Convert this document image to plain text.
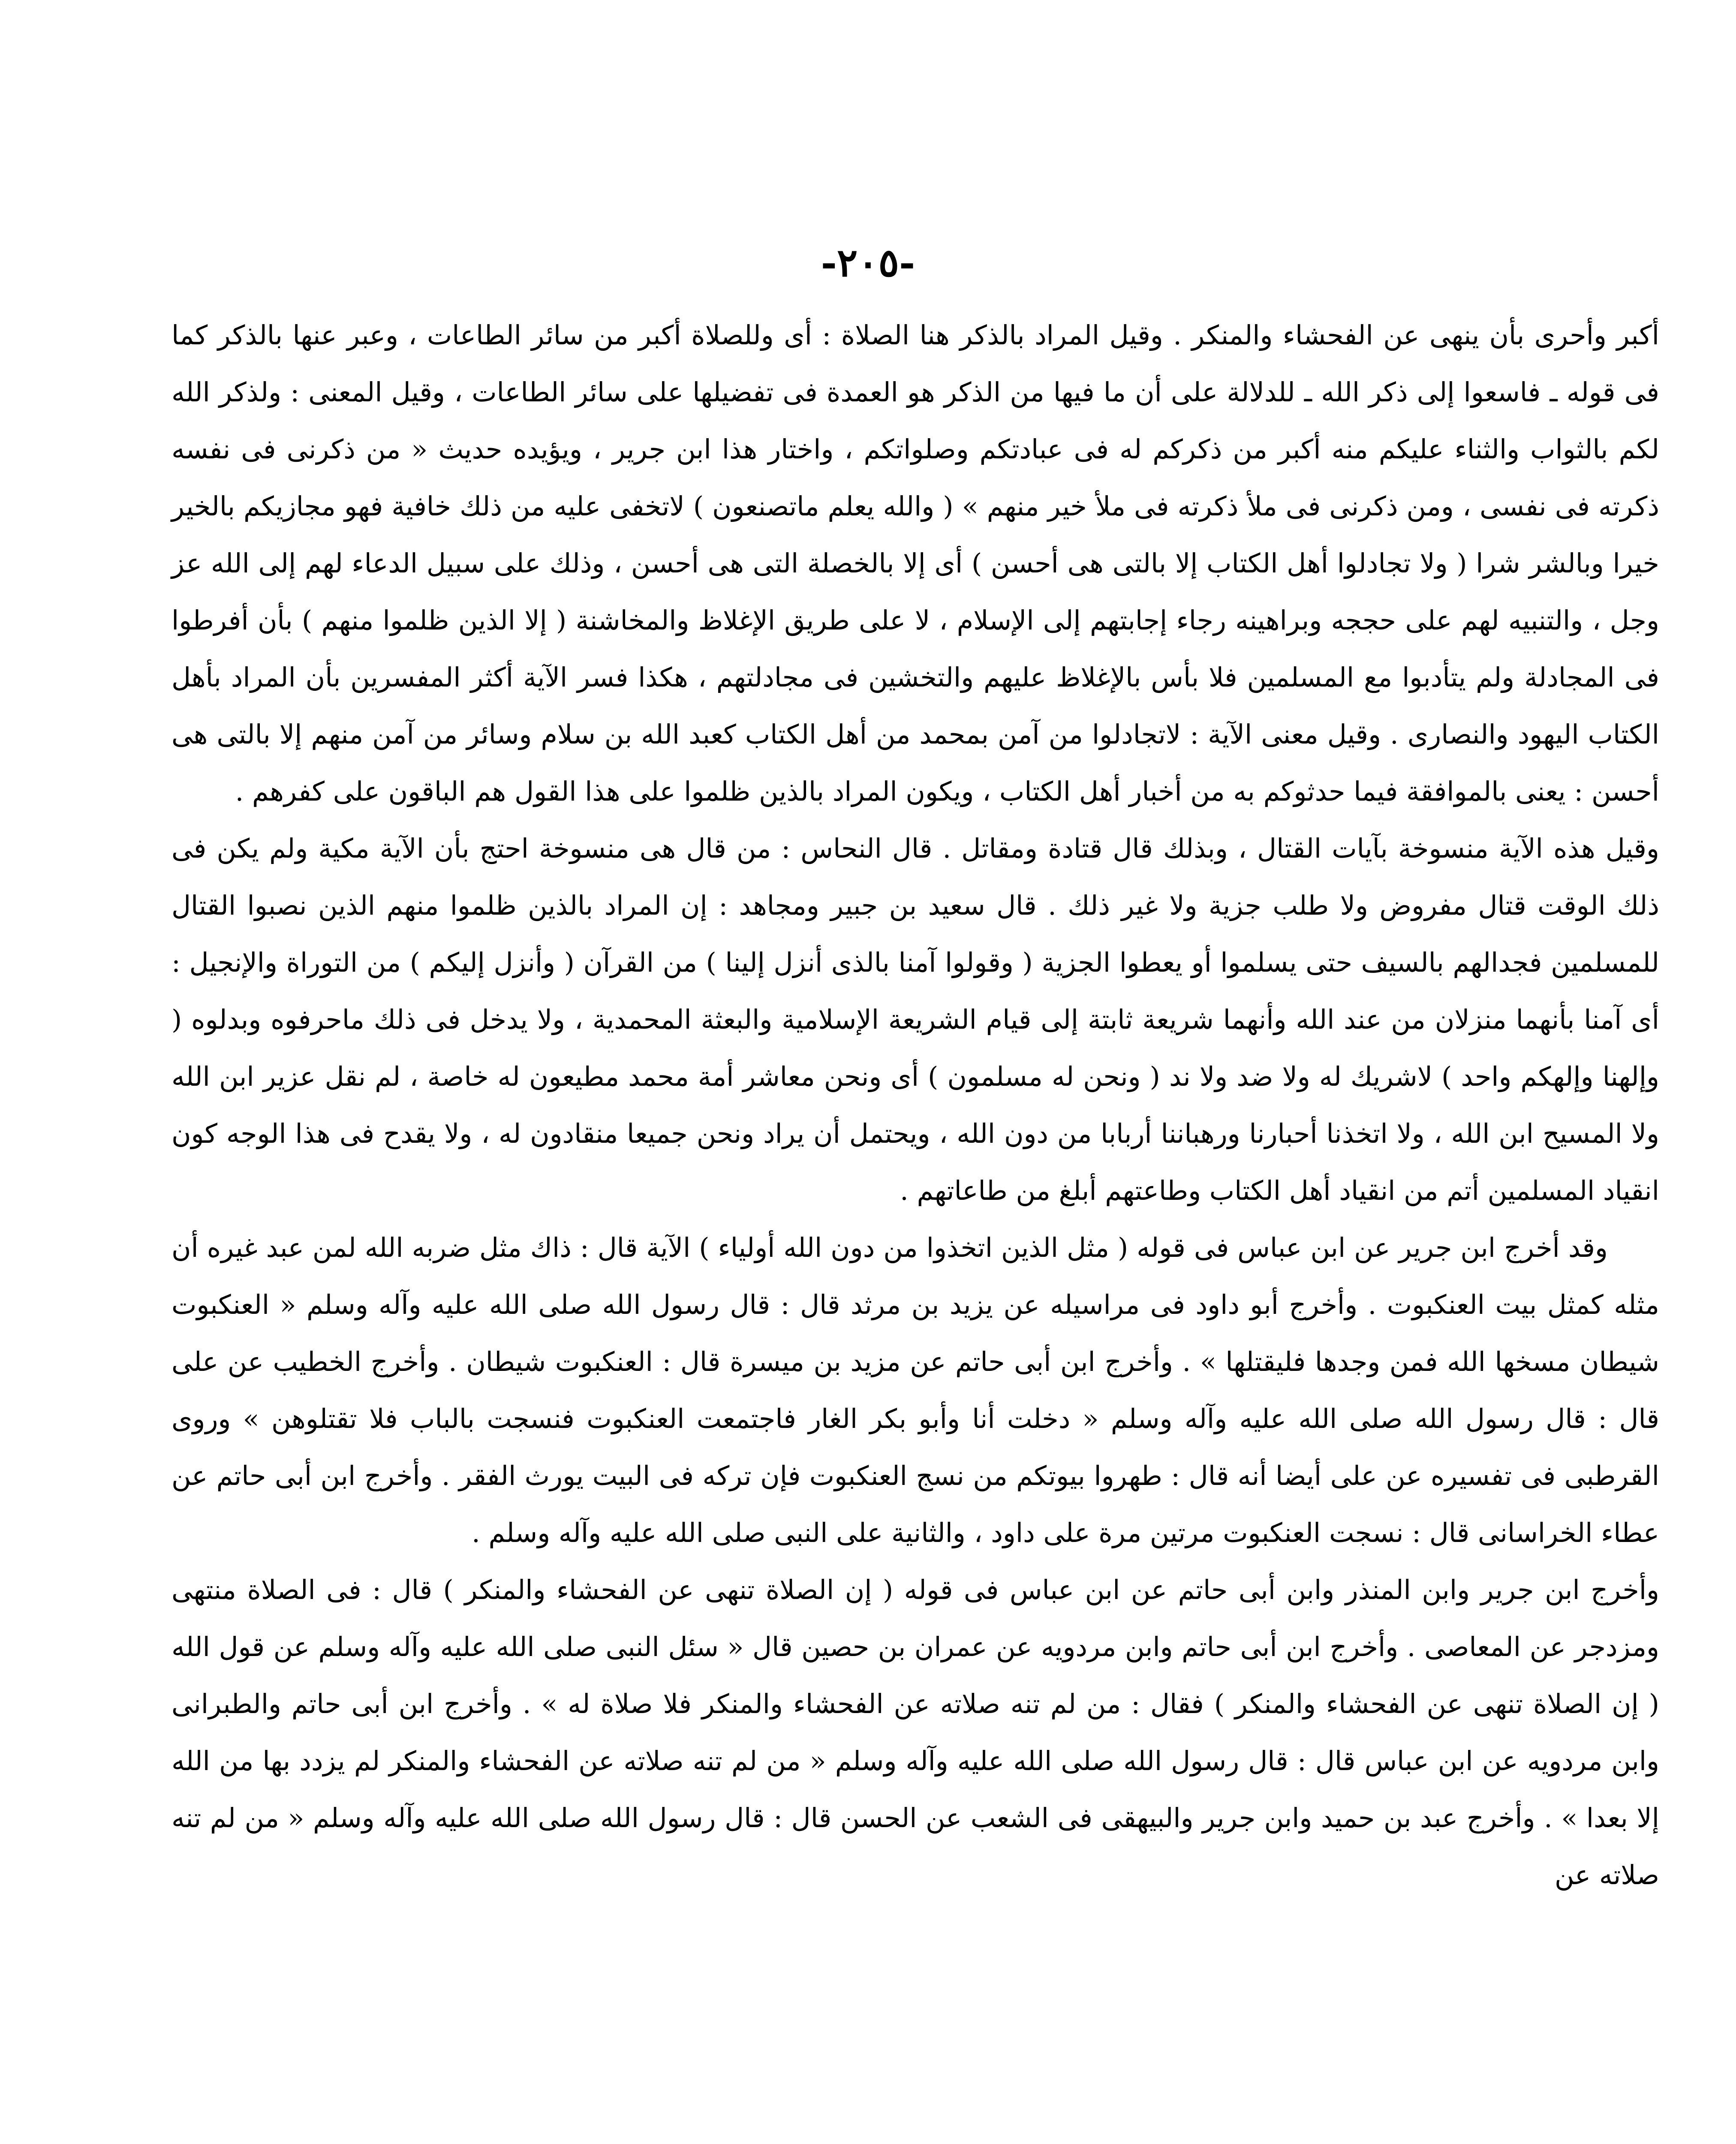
-٢٠٥-

أكبر وأحرى بأن ينهى عن الفحشاء والمنكر . وقيل المراد بالذكر هنا الصلاة : أى وللصلاة أكبر من سائر الطاعات ، وعبر عنها بالذكر كما فى قوله ـ فاسعوا إلى ذكر الله ـ للدلالة على أن ما فيها من الذكر هو العمدة فى تفضيلها على سائر الطاعات ، وقيل المعنى : ولذكر الله لكم بالثواب والثناء عليكم منه أكبر من ذكركم له فى عبادتكم وصلواتكم ، واختار هذا ابن جرير ، ويؤيده حديث « من ذكرنى فى نفسه ذكرته فى نفسى ، ومن ذكرنى فى ملأ ذكرته فى ملأ خير منهم » ( والله يعلم ماتصنعون ) لاتخفى عليه من ذلك خافية فهو مجازيكم بالخير خيرا وبالشر شرا ( ولا تجادلوا أهل الكتاب إلا بالتى هى أحسن ) أى إلا بالخصلة التى هى أحسن ، وذلك على سبيل الدعاء لهم إلى الله عز وجل ، والتنبيه لهم على حججه وبراهينه رجاء إجابتهم إلى الإسلام ، لا على طريق الإغلاظ والمخاشنة ( إلا الذين ظلموا منهم ) بأن أفرطوا فى المجادلة ولم يتأدبوا مع المسلمين فلا بأس بالإغلاظ عليهم والتخشين فى مجادلتهم ، هكذا فسر الآية أكثر المفسرين بأن المراد بأهل الكتاب اليهود والنصارى . وقيل معنى الآية : لاتجادلوا من آمن بمحمد من أهل الكتاب كعبد الله بن سلام وسائر من آمن منهم إلا بالتى هى أحسن : يعنى بالموافقة فيما حدثوكم به من أخبار أهل الكتاب ، ويكون المراد بالذين ظلموا على هذا القول هم الباقون على كفرهم .

وقيل هذه الآية منسوخة بآيات القتال ، وبذلك قال قتادة ومقاتل . قال النحاس : من قال هى منسوخة احتج بأن الآية مكية ولم يكن فى ذلك الوقت قتال مفروض ولا طلب جزية ولا غير ذلك . قال سعيد بن جبير ومجاهد : إن المراد بالذين ظلموا منهم الذين نصبوا القتال للمسلمين فجدالهم بالسيف حتى يسلموا أو يعطوا الجزية ( وقولوا آمنا بالذى أنزل إلينا ) من القرآن ( وأنزل إليكم ) من التوراة والإنجيل : أى آمنا بأنهما منزلان من عند الله وأنهما شريعة ثابتة إلى قيام الشريعة الإسلامية والبعثة المحمدية ، ولا يدخل فى ذلك ماحرفوه وبدلوه ( وإلهنا وإلهكم واحد ) لاشريك له ولا ضد ولا ند ( ونحن له مسلمون ) أى ونحن معاشر أمة محمد مطيعون له خاصة ، لم نقل عزير ابن الله ولا المسيح ابن الله ، ولا اتخذنا أحبارنا ورهباننا أربابا من دون الله ، ويحتمل أن يراد ونحن جميعا منقادون له ، ولا يقدح فى هذا الوجه كون انقياد المسلمين أتم من انقياد أهل الكتاب وطاعتهم أبلغ من طاعاتهم .

وقد أخرج ابن جرير عن ابن عباس فى قوله ( مثل الذين اتخذوا من دون الله أولياء ) الآية قال : ذاك مثل ضربه الله لمن عبد غيره أن مثله كمثل بيت العنكبوت . وأخرج أبو داود فى مراسيله عن يزيد بن مرثد قال : قال رسول الله صلى الله عليه وآله وسلم « العنكبوت شيطان مسخها الله فمن وجدها فليقتلها » . وأخرج ابن أبى حاتم عن مزيد بن ميسرة قال : العنكبوت شيطان . وأخرج الخطيب عن على قال : قال رسول الله صلى الله عليه وآله وسلم « دخلت أنا وأبو بكر الغار فاجتمعت العنكبوت فنسجت بالباب فلا تقتلوهن » وروى القرطبى فى تفسيره عن على أيضا أنه قال : طهروا بيوتكم من نسج العنكبوت فإن تركه فى البيت يورث الفقر . وأخرج ابن أبى حاتم عن عطاء الخراسانى قال : نسجت العنكبوت مرتين مرة على داود ، والثانية على النبى صلى الله عليه وآله وسلم .

وأخرج ابن جرير وابن المنذر وابن أبى حاتم عن ابن عباس فى قوله ( إن الصلاة تنهى عن الفحشاء والمنكر ) قال : فى الصلاة منتهى ومزدجر عن المعاصى . وأخرج ابن أبى حاتم وابن مردويه عن عمران بن حصين قال « سئل النبى صلى الله عليه وآله وسلم عن قول الله ( إن الصلاة تنهى عن الفحشاء والمنكر ) فقال : من لم تنه صلاته عن الفحشاء والمنكر فلا صلاة له » . وأخرج ابن أبى حاتم والطبرانى وابن مردويه عن ابن عباس قال : قال رسول الله صلى الله عليه وآله وسلم « من لم تنه صلاته عن الفحشاء والمنكر لم يزدد بها من الله إلا بعدا » . وأخرج عبد بن حميد وابن جرير والبيهقى فى الشعب عن الحسن قال : قال رسول الله صلى الله عليه وآله وسلم « من لم تنه صلاته عن
